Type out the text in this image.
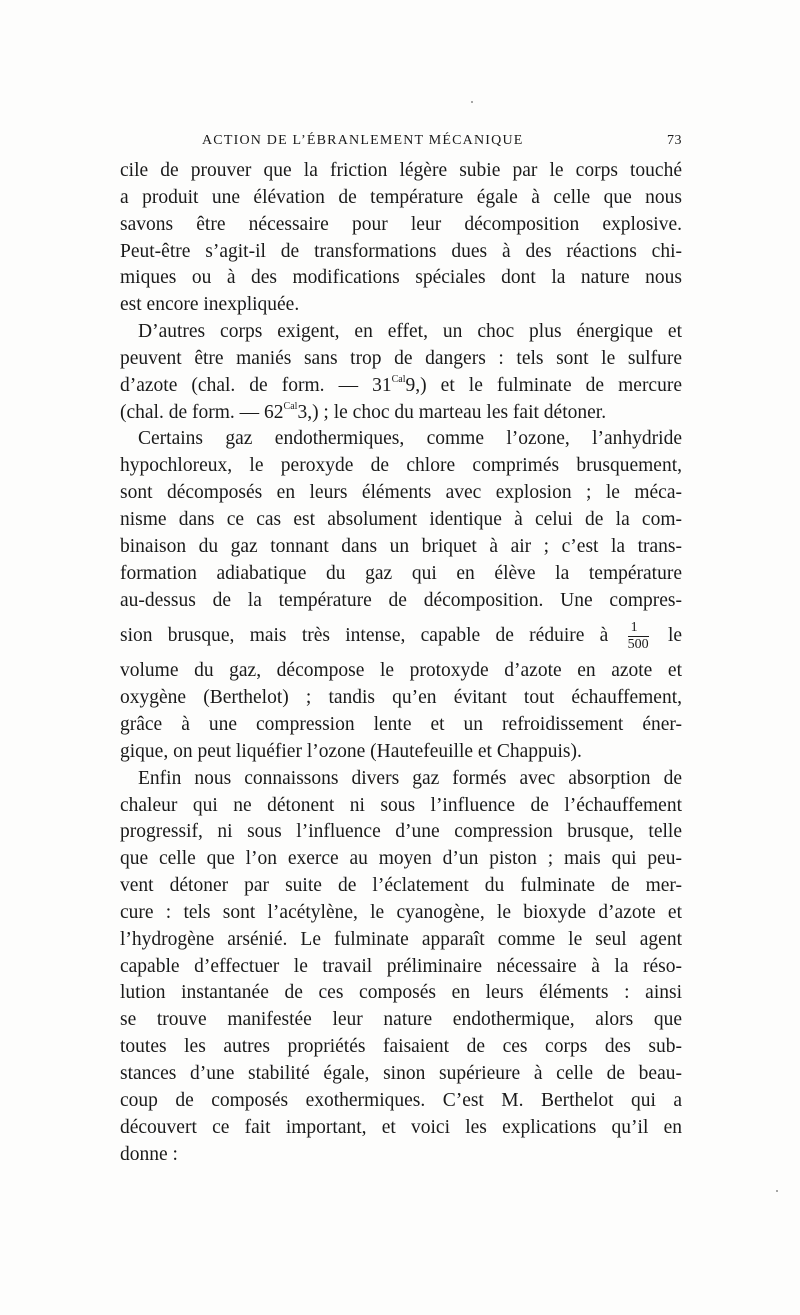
ACTION DE L’ÉBRANLEMENT MÉCANIQUE	73
cile de prouver que la friction légère subie par le corps touché
a produit une élévation de température égale à celle que nous
savons être nécessaire pour leur décomposition explosive.
Peut-être s’agit-il de transformations dues à des réactions chi-
miques ou à des modifications spéciales dont la nature nous
est encore inexpliquée.
D’autres corps exigent, en effet, un choc plus énergique et
peuvent être maniés sans trop de dangers : tels sont le sulfure
d’azote (chal. de form. — $31^{Cal}9$,) et le fulminate de mercure
(chal. de form. — $62^{Cal}3$,) ; le choc du marteau les fait détoner.
Certains gaz endothermiques, comme l’ozone, l’anhydride
hypochloreux, le peroxyde de chlore comprimés brusquement,
sont décomposés en leurs éléments avec explosion ; le méca-
nisme dans ce cas est absolument identique à celui de la com-
binaison du gaz tonnant dans un briquet à air ; c’est la trans-
formation adiabatique du gaz qui en élève la température
au-dessus de la température de décomposition. Une compres-
sion brusque, mais très intense, capable de réduire à $\frac{1}{500}$ le
volume du gaz, décompose le protoxyde d’azote en azote et
oxygène (Berthelot) ; tandis qu’en évitant tout échauffement,
grâce à une compression lente et un refroidissement éner-
gique, on peut liquéfier l’ozone (Hautefeuille et Chappuis).
Enfin nous connaissons divers gaz formés avec absorption de
chaleur qui ne détonent ni sous l’influence de l’échauffement
progressif, ni sous l’influence d’une compression brusque, telle
que celle que l’on exerce au moyen d’un piston ; mais qui peu-
vent détoner par suite de l’éclatement du fulminate de mer-
cure : tels sont l’acétylène, le cyanogène, le bioxyde d’azote et
l’hydrogène arsénié. Le fulminate apparaît comme le seul agent
capable d’effectuer le travail préliminaire nécessaire à la réso-
lution instantanée de ces composés en leurs éléments : ainsi
se trouve manifestée leur nature endothermique, alors que
toutes les autres propriétés faisaient de ces corps des sub-
stances d’une stabilité égale, sinon supérieure à celle de beau-
coup de composés exothermiques. C’est M. Berthelot qui a
découvert ce fait important, et voici les explications qu’il en
donne :
